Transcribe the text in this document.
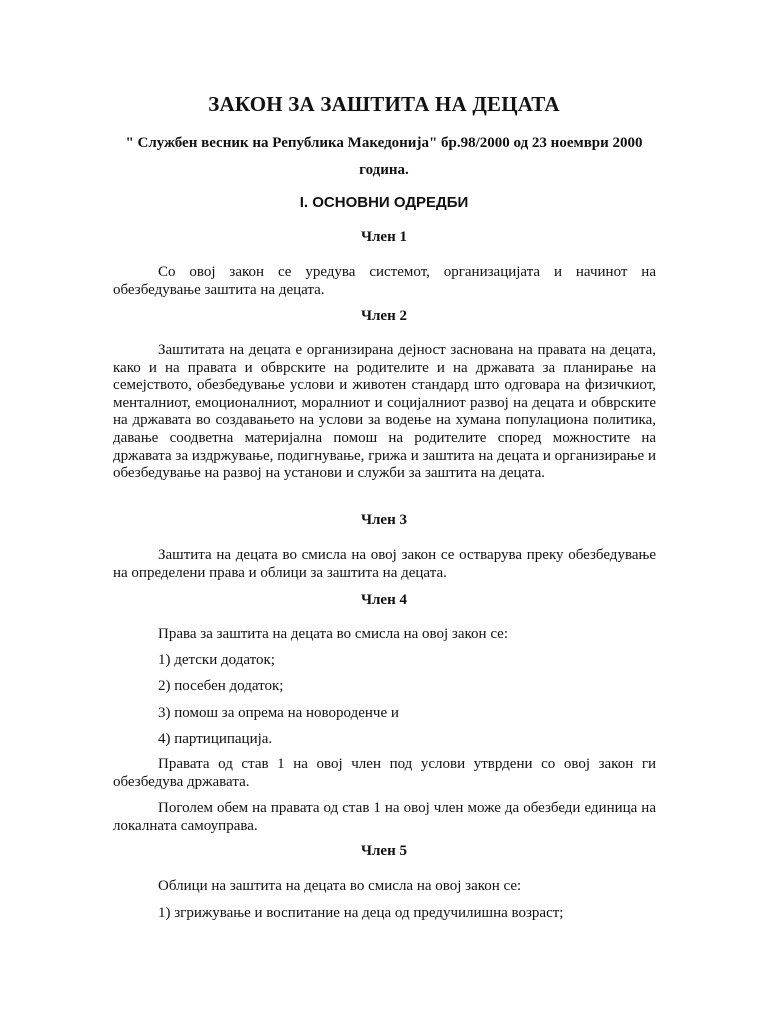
ЗАКОН ЗА ЗАШТИТА НА ДЕЦАТА
" Службен весник на Република Македонија" бр.98/2000 од 23 ноември 2000 година.
I. ОСНОВНИ ОДРЕДБИ
Член 1
Со овој закон се уредува системот, организацијата и начинот на обезбедување заштита на децата.
Член 2
Заштитата на децата е организирана дејност заснована на правата на децата, како и на правата и обврските на родителите и на државата за планирање на семејството, обезбедување услови и животен стандард што одговара на физичкиот, менталниот, емоционалниот, моралниот и социјалниот развој на децата и обврските на државата во создавањето на услови за водење на хумана популациона политика, давање соодветна материјална помош на родителите според можностите на државата за издржување, подигнување, грижа и заштита на децата и организирање и обезбедување на развој на установи и служби за заштита на децата.
Член 3
Заштита на децата во смисла на овој закон се остварува преку обезбедување на определени права и облици за заштита на децата.
Член 4
Права за заштита на децата во смисла на овој закон се:
1) детски додаток;
2) посебен додаток;
3) помош за опрема на новороденче и
4) партиципација.
Правата од став 1 на овој член под услови утврдени со овој закон ги обезбедува државата.
Поголем обем на правата од став 1 на овој член може да обезбеди единица на локалната самоуправа.
Член 5
Облици на заштита на децата во смисла на овој закон се:
1) згрижување и воспитание на деца од предучилишна возраст;
